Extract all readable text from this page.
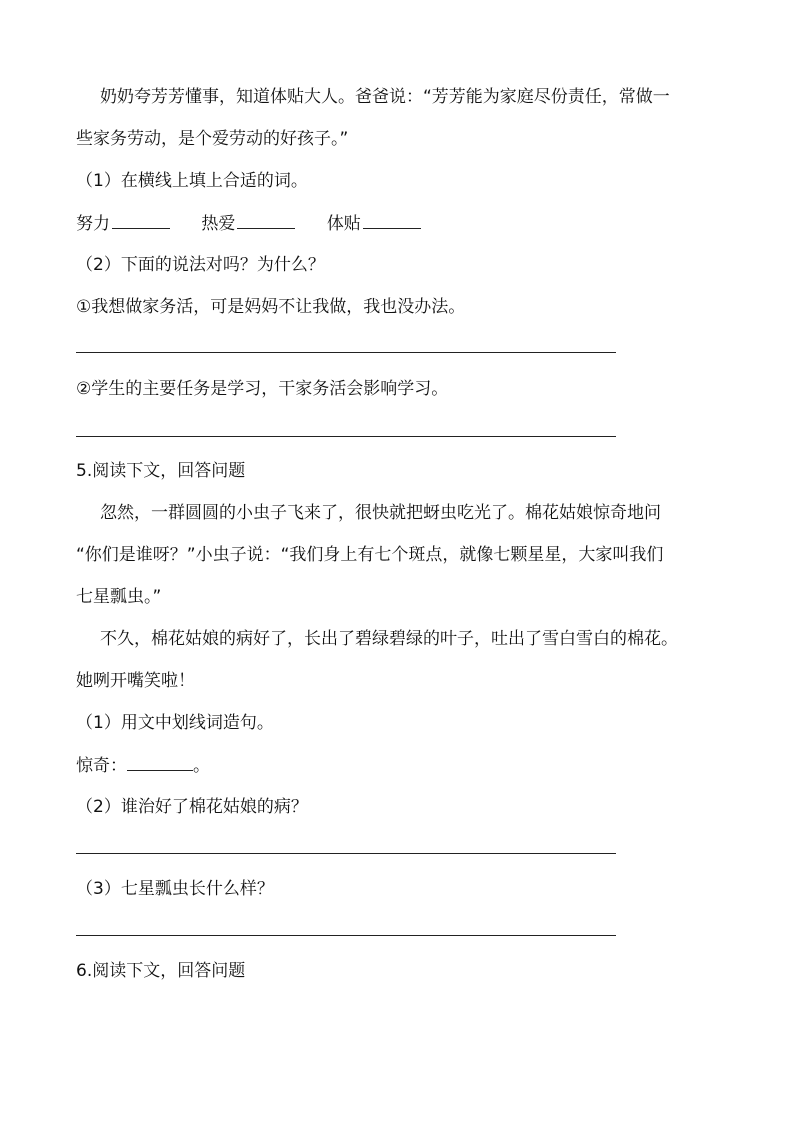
奶奶夸芳芳懂事，知道体贴大人。爸爸说：“芳芳能为家庭尽份责任，常做一
些家务劳动，是个爱劳动的好孩子。”
（1）在横线上填上合适的词。
努力	热爱	体贴
（2）下面的说法对吗？为什么？
①我想做家务活，可是妈妈不让我做，我也没办法。
②学生的主要任务是学习，干家务活会影响学习。
5.阅读下文，回答问题
忽然，一群圆圆的小虫子飞来了，很快就把蚜虫吃光了。棉花姑娘惊奇地问
“你们是谁呀？”小虫子说：“我们身上有七个斑点，就像七颗星星，大家叫我们
七星瓢虫。”
不久，棉花姑娘的病好了，长出了碧绿碧绿的叶子，吐出了雪白雪白的棉花。
她咧开嘴笑啦！
（1）用文中划线词造句。
惊奇：	。
（2）谁治好了棉花姑娘的病？
（3）七星瓢虫长什么样？
6.阅读下文，回答问题
